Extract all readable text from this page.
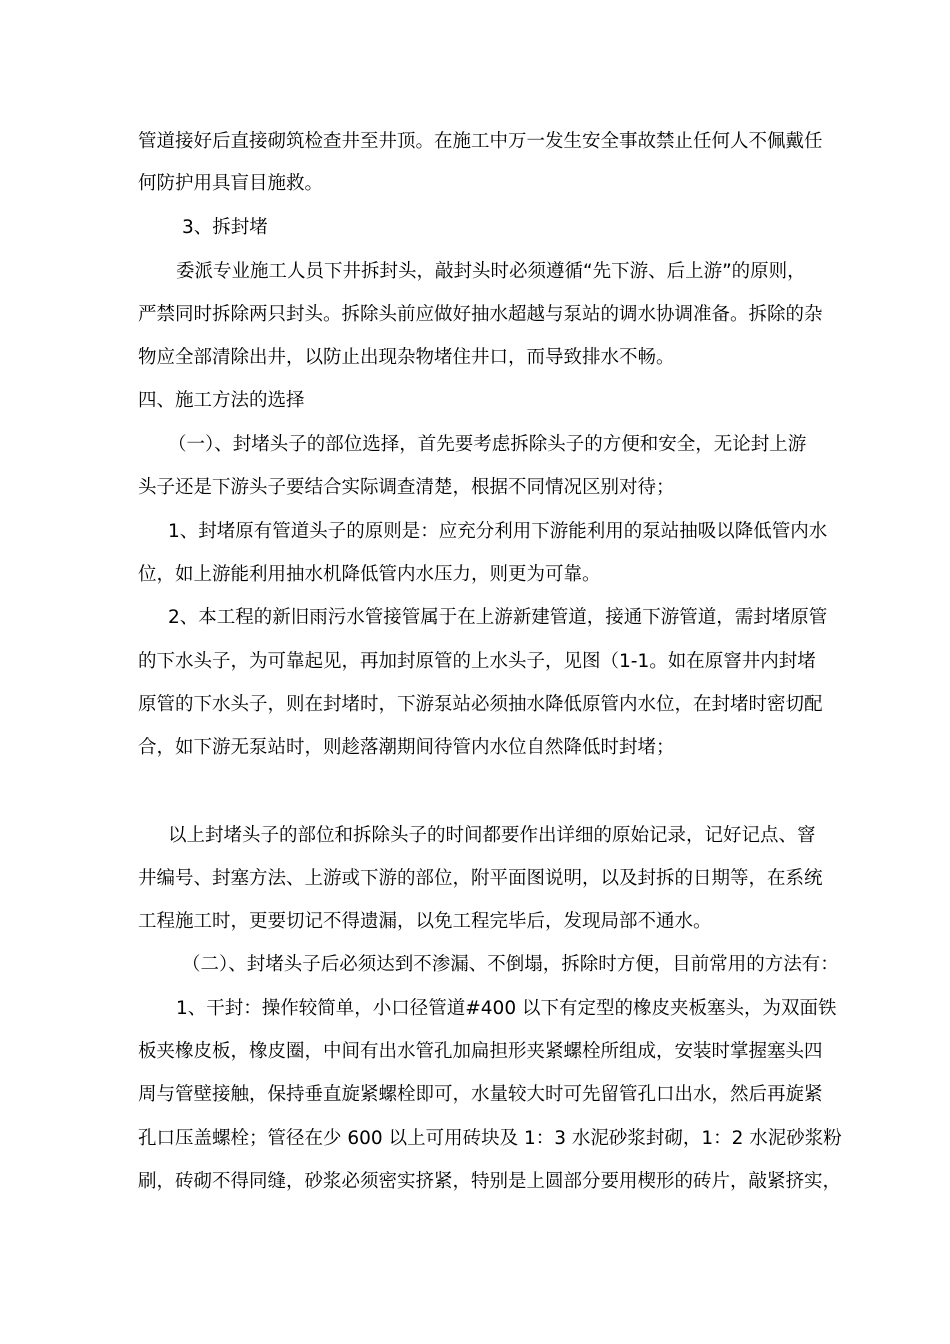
管道接好后直接砌筑检查井至井顶。在施工中万一发生安全事故禁止任何人不佩戴任
何防护用具盲目施救。
3、拆封堵
委派专业施工人员下井拆封头，敲封头时必须遵循“先下游、后上游”的原则，
严禁同时拆除两只封头。拆除头前应做好抽水超越与泵站的调水协调准备。拆除的杂
物应全部清除出井，以防止出现杂物堵住井口，而导致排水不畅。
四、施工方法的选择
（一）、封堵头子的部位选择，首先要考虑拆除头子的方便和安全，无论封上游
头子还是下游头子要结合实际调查清楚，根据不同情况区别对待；
1、封堵原有管道头子的原则是：应充分利用下游能利用的泵站抽吸以降低管内水
位，如上游能利用抽水机降低管内水压力，则更为可靠。
2、本工程的新旧雨污水管接管属于在上游新建管道，接通下游管道，需封堵原管
的下水头子，为可靠起见，再加封原管的上水头子，见图（1-1。如在原窨井内封堵
原管的下水头子，则在封堵时，下游泵站必须抽水降低原管内水位，在封堵时密切配
合，如下游无泵站时，则趁落潮期间待管内水位自然降低时封堵；
以上封堵头子的部位和拆除头子的时间都要作出详细的原始记录，记好记点、窨
井编号、封塞方法、上游或下游的部位，附平面图说明，以及封拆的日期等，在系统
工程施工时，更要切记不得遗漏，以免工程完毕后，发现局部不通水。
（二）、封堵头子后必须达到不渗漏、不倒塌，拆除时方便，目前常用的方法有：
1、干封：操作较简单，小口径管道#400 以下有定型的橡皮夹板塞头，为双面铁
板夹橡皮板，橡皮圈，中间有出水管孔加扁担形夹紧螺栓所组成，安装时掌握塞头四
周与管壁接触，保持垂直旋紧螺栓即可，水量较大时可先留管孔口出水，然后再旋紧
孔口压盖螺栓；管径在少 600 以上可用砖块及 1：3 水泥砂浆封砌，1：2 水泥砂浆粉
刷，砖砌不得同缝，砂浆必须密实挤紧，特别是上圆部分要用楔形的砖片，敲紧挤实，
